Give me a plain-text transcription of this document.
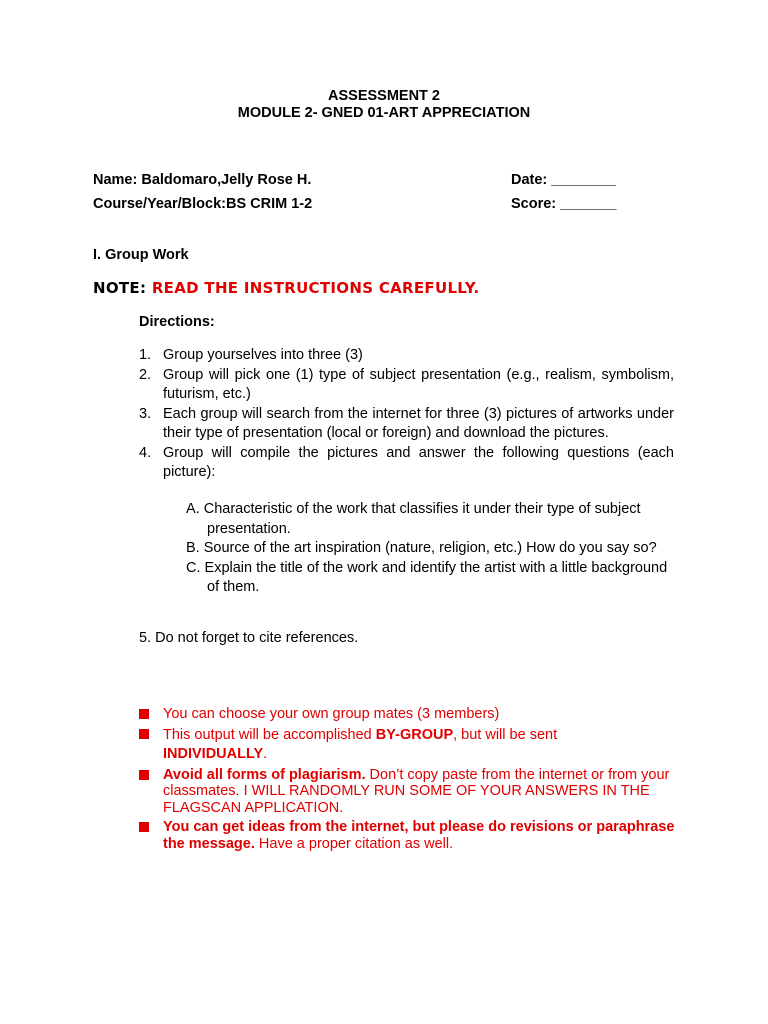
ASSESSMENT 2
MODULE 2- GNED 01-ART APPRECIATION
Name: Baldomaro,Jelly Rose H.	Date: ________
Course/Year/Block:BS CRIM 1-2	Score: _______
I. Group Work
NOTE: READ THE INSTRUCTIONS CAREFULLY.
Directions:
1. Group yourselves into three (3)
2. Group will pick one (1) type of subject presentation (e.g., realism, symbolism, futurism, etc.)
3. Each group will search from the internet for three (3) pictures of artworks under their type of presentation (local or foreign) and download the pictures.
4. Group will compile the pictures and answer the following questions (each picture):
A. Characteristic of the work that classifies it under their type of subject presentation.
B. Source of the art inspiration (nature, religion, etc.) How do you say so?
C. Explain the title of the work and identify the artist with a little background of them.
5. Do not forget to cite references.
You can choose your own group mates (3 members)
This output will be accomplished BY-GROUP, but will be sent
INDIVIDUALLY.
Avoid all forms of plagiarism. Don’t copy paste from the internet or from your classmates. I WILL RANDOMLY RUN SOME OF YOUR ANSWERS IN THE FLAGSCAN APPLICATION.
You can get ideas from the internet, but please do revisions or paraphrase the message. Have a proper citation as well.
